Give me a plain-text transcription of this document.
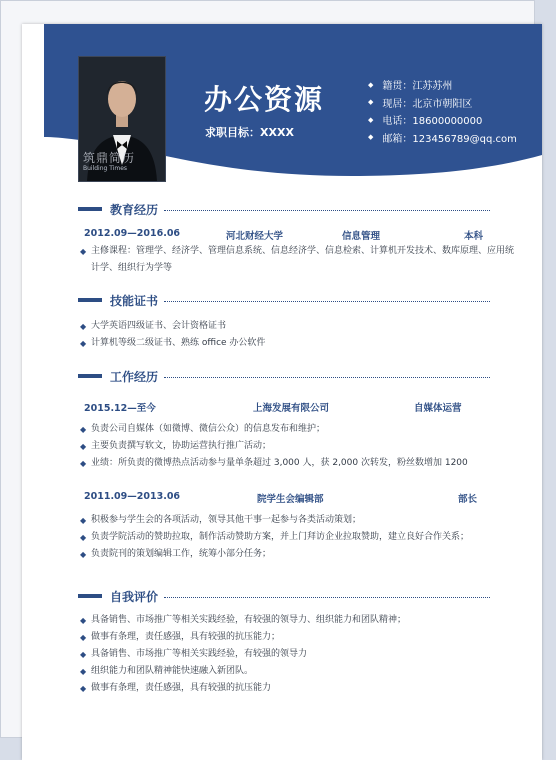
筑鼎简历
Building Times
办公资源
求职目标：XXXX
◆ 籍贯：江苏苏州
◆ 现居：北京市朝阳区
◆ 电话：18600000000
◆ 邮箱：123456789@qq.com
教育经历
2012.09—2016.06	河北财经大学	信息管理	本科
◆ 主修课程：管理学、经济学、管理信息系统、信息经济学、信息检索、计算机开发技术、数库原理、应用统计学、组织行为学等
技能证书
◆ 大学英语四级证书、会计资格证书
◆ 计算机等级二级证书、熟练 office 办公软件
工作经历
2015.12—至今	上海发展有限公司	自媒体运营
◆ 负责公司自媒体（如微博、微信公众）的信息发布和维护；
◆ 主要负责撰写软文，协助运营执行推广活动；
◆ 业绩：所负责的微博热点活动参与量单条超过 3,000 人，获 2,000 次转发，粉丝数增加 1200
2011.09—2013.06	院学生会编辑部	部长
◆ 积极参与学生会的各项活动，领导其他干事一起参与各类活动策划；
◆ 负责学院活动的赞助拉取，制作活动赞助方案，并上门拜访企业拉取赞助，建立良好合作关系；
◆ 负责院刊的策划编辑工作，统筹小部分任务；
自我评价
◆ 具备销售、市场推广等相关实践经验，有较强的领导力、组织能力和团队精神；
◆ 做事有条理，责任感强，具有较强的抗压能力；
◆ 具备销售、市场推广等相关实践经验，有较强的领导力
◆ 组织能力和团队精神能快速融入新团队。
◆ 做事有条理，责任感强，具有较强的抗压能力
